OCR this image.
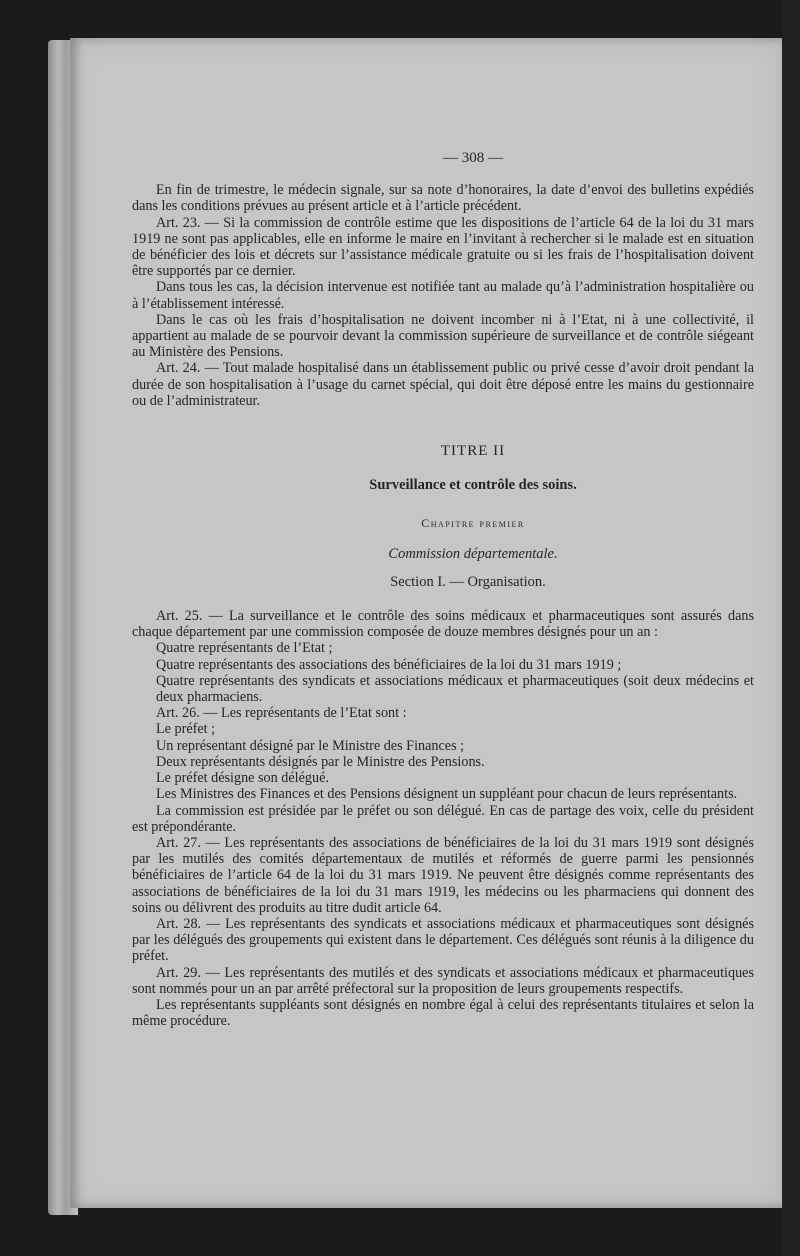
— 308 —

En fin de trimestre, le médecin signale, sur sa note d’honoraires, la date d’envoi des bulletins expédiés dans les conditions prévues au présent article et à l’article précédent.

Art. 23. — Si la commission de contrôle estime que les dispositions de l’article 64 de la loi du 31 mars 1919 ne sont pas applicables, elle en informe le maire en l’invitant à rechercher si le malade est en situation de bénéficier des lois et décrets sur l’assistance médicale gratuite ou si les frais de l’hospitalisation doivent être supportés par ce dernier.

Dans tous les cas, la décision intervenue est notifiée tant au malade qu’à l’administration hospitalière ou à l’établissement intéressé.

Dans le cas où les frais d’hospitalisation ne doivent incomber ni à l’Etat, ni à une collectivité, il appartient au malade de se pourvoir devant la commission supérieure de surveillance et de contrôle siégeant au Ministère des Pensions.

Art. 24. — Tout malade hospitalisé dans un établissement public ou privé cesse d’avoir droit pendant la durée de son hospitalisation à l’usage du carnet spécial, qui doit être déposé entre les mains du gestionnaire ou de l’administrateur.

TITRE II
Surveillance et contrôle des soins.
Chapitre premier
Commission départementale.
Section I. — Organisation.

Art. 25. — La surveillance et le contrôle des soins médicaux et pharmaceutiques sont assurés dans chaque département par une commission composée de douze membres désignés pour un an :

Quatre représentants de l’Etat ;

Quatre représentants des associations des bénéficiaires de la loi du 31 mars 1919 ;

Quatre représentants des syndicats et associations médicaux et pharmaceutiques (soit deux médecins et deux pharmaciens.

Art. 26. — Les représentants de l’Etat sont :

Le préfet ;

Un représentant désigné par le Ministre des Finances ;

Deux représentants désignés par le Ministre des Pensions.

Le préfet désigne son délégué.

Les Ministres des Finances et des Pensions désignent un suppléant pour chacun de leurs représentants.

La commission est présidée par le préfet ou son délégué. En cas de partage des voix, celle du président est prépondérante.

Art. 27. — Les représentants des associations de bénéficiaires de la loi du 31 mars 1919 sont désignés par les mutilés des comités départementaux de mutilés et réformés de guerre parmi les pensionnés bénéficiaires de l’article 64 de la loi du 31 mars 1919. Ne peuvent être désignés comme représentants des associations de bénéficiaires de la loi du 31 mars 1919, les médecins ou les pharmaciens qui donnent des soins ou délivrent des produits au titre dudit article 64.

Art. 28. — Les représentants des syndicats et associations médicaux et pharmaceutiques sont désignés par les délégués des groupements qui existent dans le département. Ces délégués sont réunis à la diligence du préfet.

Art. 29. — Les représentants des mutilés et des syndicats et associations médicaux et pharmaceutiques sont nommés pour un an par arrêté préfectoral sur la proposition de leurs groupements respectifs.

Les représentants suppléants sont désignés en nombre égal à celui des représentants titulaires et selon la même procédure.
